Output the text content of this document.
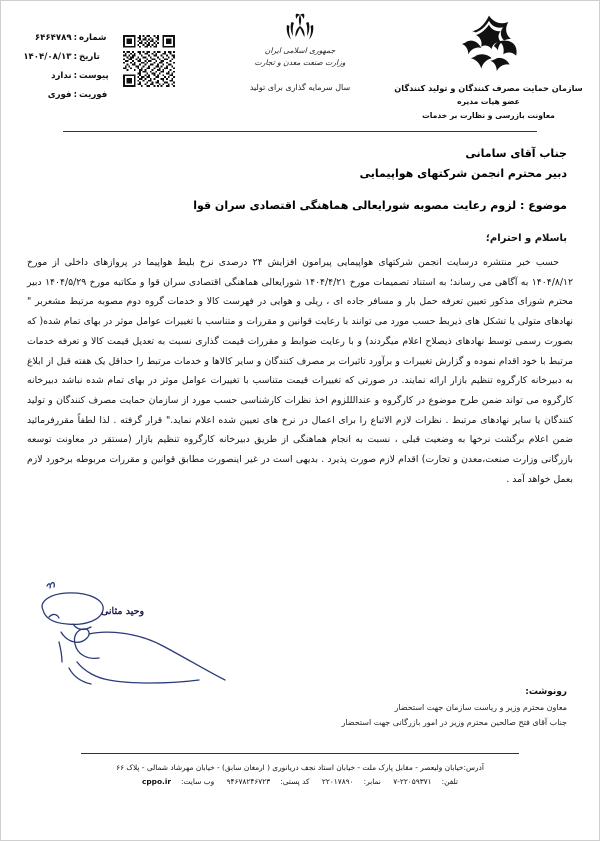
سازمان حمایت مصرف کنندگان و تولید کنندگان
عضو هیات مدیره
معاونت بازرسی و نظارت بر خدمات
جمهوری اسلامی ایران
وزارت صنعت معدن و تجارت
سال سرمایه گذاری برای تولید
شماره
:
۶۴۶۴۷۸۹
تاریخ
:
۱۴۰۴/۰۸/۱۳
پیوست
:
ندارد
فوریت
:
فوری
جناب آقای سامانی
دبیر محترم انجمن شرکتهای هواپیمایی
موضوع : لزوم رعایت مصوبه شورایعالی هماهنگی اقتصادی سران قوا
باسلام و احترام؛

حسب خبر منتشره درسایت انجمن شرکتهای هواپیمایی پیرامون افزایش ۲۴ درصدی نرخ بلیط هواپیما در پروازهای داخلی از مورخ ۱۴۰۴/۸/۱۲ به آگاهی می رساند؛ به استناد تصمیمات مورخ ۱۴۰۴/۴/۲۱ شورایعالی هماهنگی اقتصادی سران قوا و مکاتبه مورخ ۱۴۰۴/۵/۲۹ دبیر محترم شورای مذکور تعیین تعرفه حمل بار و مسافر جاده ای ، ریلی و هوایی در فهرست کالا و خدمات گروه دوم مصوبه مرتبط مشعربر " نهادهای متولی یا تشکل های ذیربط حسب مورد می توانند با رعایت قوانین و مقررات و متناسب با تغییرات عوامل موثر در بهای تمام شده( که بصورت رسمی توسط نهادهای ذیصلاح اعلام میگردند) و با رعایت ضوابط و مقررات قیمت گذاری نسبت به تعدیل قیمت کالا و تعرفه خدمات مرتبط با خود اقدام نموده و گزارش تغییرات و برآورد تاثیرات بر مصرف کنندگان و سایر کالاها و خدمات مرتبط را حداقل یک هفته قبل از ابلاغ به دبیرخانه کارگروه تنظیم بازار ارائه نمایند. در صورتی که تغییرات قیمت متناسب با تغییرات عوامل موثر در بهای تمام شده نباشد دبیرخانه کارگروه می تواند ضمن طرح موضوع در کارگروه و عندالللزوم اخذ نظرات کارشناسی حسب مورد از سازمان حمایت مصرف کنندگان و تولید کنندگان یا سایر نهادهای مرتبط . نظرات لازم الاتباع را برای اعمال در نرخ های تعیین شده اعلام نماید." قرار گرفته . لذا لطفاً مقررفرمائید ضمن اعلام برگشت نرخها به وضعیت قبلی ، نسبت به انجام هماهنگی از طریق دبیرخانه کارگروه تنظیم بازار (مستقر در معاونت توسعه بازرگانی وزارت صنعت،معدن و تجارت) اقدام لازم صورت پذیرد . بدیهی است در غیر اینصورت مطابق قوانین و مقررات مربوطه برخورد لازم بعمل خواهد آمد .

وحید مثانی
رونوشت:
معاون محترم وزیر و ریاست سازمان جهت استحضار
جناب آقای فتح صالحین محترم وزیر در امور بازرگانی جهت استحضار
آدرس:خیابان ولیعصر - مقابل پارک ملت - خیابان استاد نجف دریانوری ( ارمغان سابق) - خیابان مهرشاد شمالی - پلاک ۶۶
تلفن:۲۲۰۵۹۳۷۱-۷ نمابر:۲۲۰۱۷۸۹۰ کد پستی:۹۴۶۷۸۲۴۶۷۲۳ وب سایت:cppo.ir
